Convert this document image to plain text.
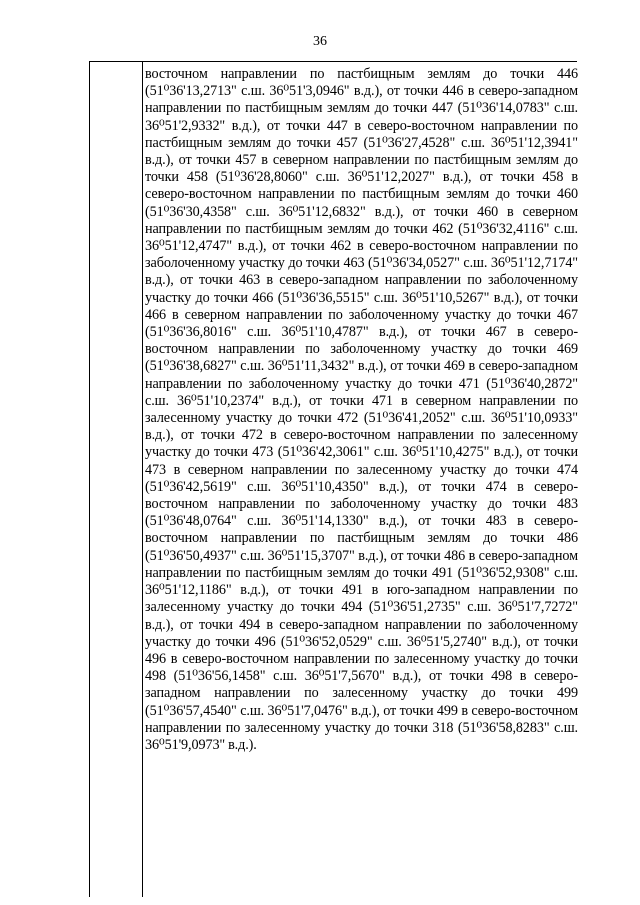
36
восточном направлении по пастбищным землям до точки 446 (51⁰36'13,2713" с.ш. 36⁰51'3,0946" в.д.), от точки 446 в северо-западном направлении по пастбищным землям до точки 447 (51⁰36'14,0783" с.ш. 36⁰51'2,9332" в.д.), от точки 447 в северо-восточном направлении по пастбищным землям до точки 457 (51⁰36'27,4528" с.ш. 36⁰51'12,3941" в.д.), от точки 457 в северном направлении по пастбищным землям до точки 458 (51⁰36'28,8060" с.ш. 36⁰51'12,2027" в.д.), от точки 458 в северо-восточном направлении по пастбищным землям до точки 460 (51⁰36'30,4358" с.ш. 36⁰51'12,6832" в.д.), от точки 460 в северном направлении по пастбищным землям до точки 462 (51⁰36'32,4116" с.ш. 36⁰51'12,4747" в.д.), от точки 462 в северо-восточном направлении по заболоченному участку до точки 463 (51⁰36'34,0527" с.ш. 36⁰51'12,7174" в.д.), от точки 463 в северо-западном направлении по заболоченному участку до точки 466 (51⁰36'36,5515" с.ш. 36⁰51'10,5267" в.д.), от точки 466 в северном направлении по заболоченному участку до точки 467 (51⁰36'36,8016" с.ш. 36⁰51'10,4787" в.д.), от точки 467 в северо-восточном направлении по заболоченному участку до точки 469 (51⁰36'38,6827" с.ш. 36⁰51'11,3432" в.д.), от точки 469 в северо-западном направлении по заболоченному участку до точки 471 (51⁰36'40,2872" с.ш. 36⁰51'10,2374" в.д.), от точки 471 в северном направлении по залесенному участку до точки 472 (51⁰36'41,2052" с.ш. 36⁰51'10,0933" в.д.), от точки 472 в северо-восточном направлении по залесенному участку до точки 473 (51⁰36'42,3061" с.ш. 36⁰51'10,4275" в.д.), от точки 473 в северном направлении по залесенному участку до точки 474 (51⁰36'42,5619" с.ш. 36⁰51'10,4350" в.д.), от точки 474 в северо-восточном направлении по заболоченному участку до точки 483 (51⁰36'48,0764" с.ш. 36⁰51'14,1330" в.д.), от точки 483 в северо-восточном направлении по пастбищным землям до точки 486 (51⁰36'50,4937" с.ш. 36⁰51'15,3707" в.д.), от точки 486 в северо-западном направлении по пастбищным землям до точки 491 (51⁰36'52,9308" с.ш. 36⁰51'12,1186" в.д.), от точки 491 в юго-западном направлении по залесенному участку до точки 494 (51⁰36'51,2735" с.ш. 36⁰51'7,7272" в.д.), от точки 494 в северо-западном направлении по заболоченному участку до точки 496 (51⁰36'52,0529" с.ш. 36⁰51'5,2740" в.д.), от точки 496 в северо-восточном направлении по залесенному участку до точки 498 (51⁰36'56,1458" с.ш. 36⁰51'7,5670" в.д.), от точки 498 в северо-западном направлении по залесенному участку до точки 499 (51⁰36'57,4540" с.ш. 36⁰51'7,0476" в.д.), от точки 499 в северо-восточном направлении по залесенному участку до точки 318 (51⁰36'58,8283" с.ш. 36⁰51'9,0973" в.д.).
